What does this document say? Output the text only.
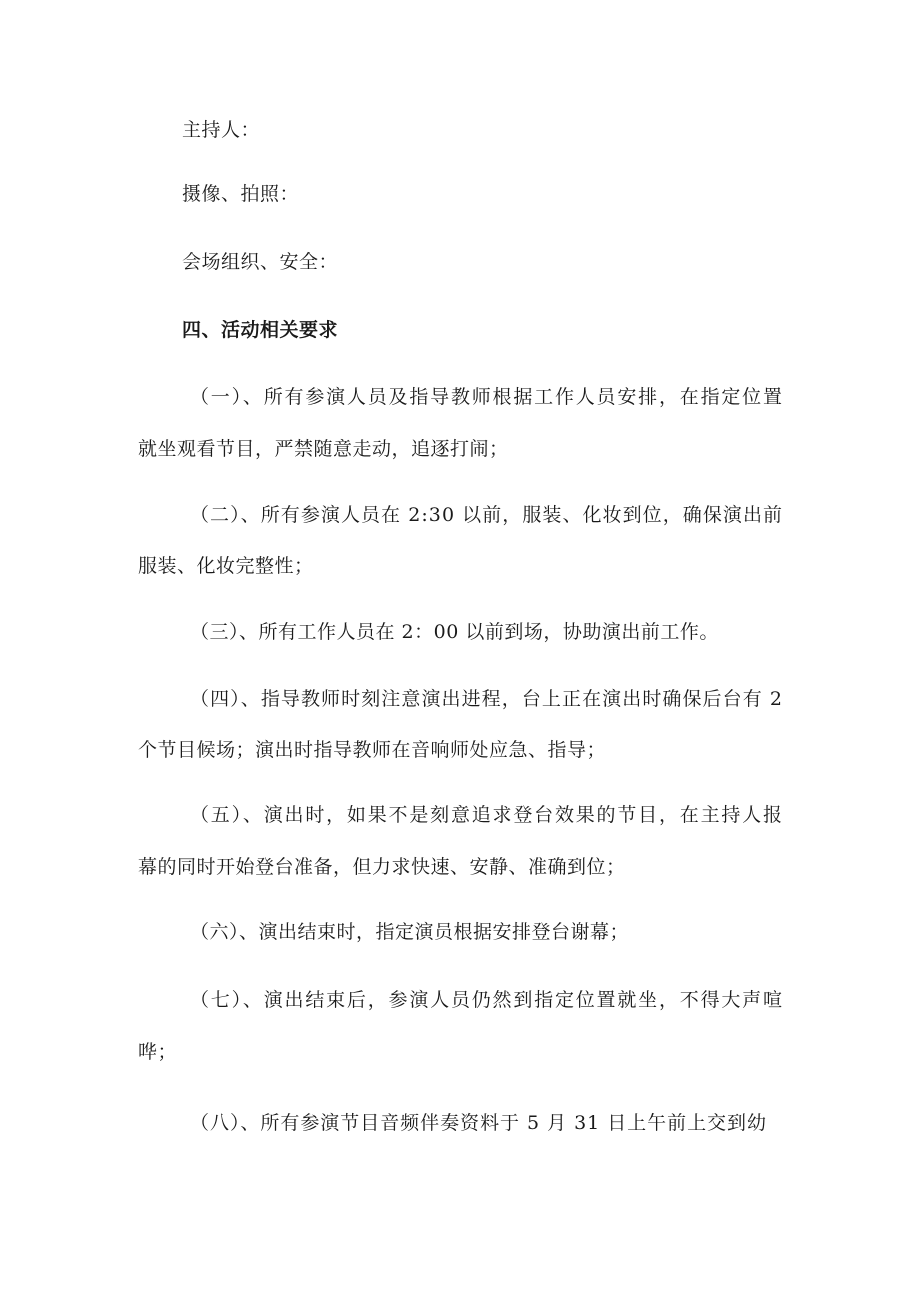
主持人：
摄像、拍照：
会场组织、安全：
四、活动相关要求
（一）、所有参演人员及指导教师根据工作人员安排，在指定位置
就坐观看节目，严禁随意走动，追逐打闹；
（二）、所有参演人员在 2:30 以前，服装、化妆到位，确保演出前
服装、化妆完整性；
（三）、所有工作人员在 2：00 以前到场，协助演出前工作。
（四）、指导教师时刻注意演出进程，台上正在演出时确保后台有 2
个节目候场；演出时指导教师在音响师处应急、指导；
（五）、演出时，如果不是刻意追求登台效果的节目，在主持人报
幕的同时开始登台准备，但力求快速、安静、准确到位；
（六）、演出结束时，指定演员根据安排登台谢幕；
（七）、演出结束后，参演人员仍然到指定位置就坐，不得大声喧
哗；
（八）、所有参演节目音频伴奏资料于 5 月 31 日上午前上交到幼
